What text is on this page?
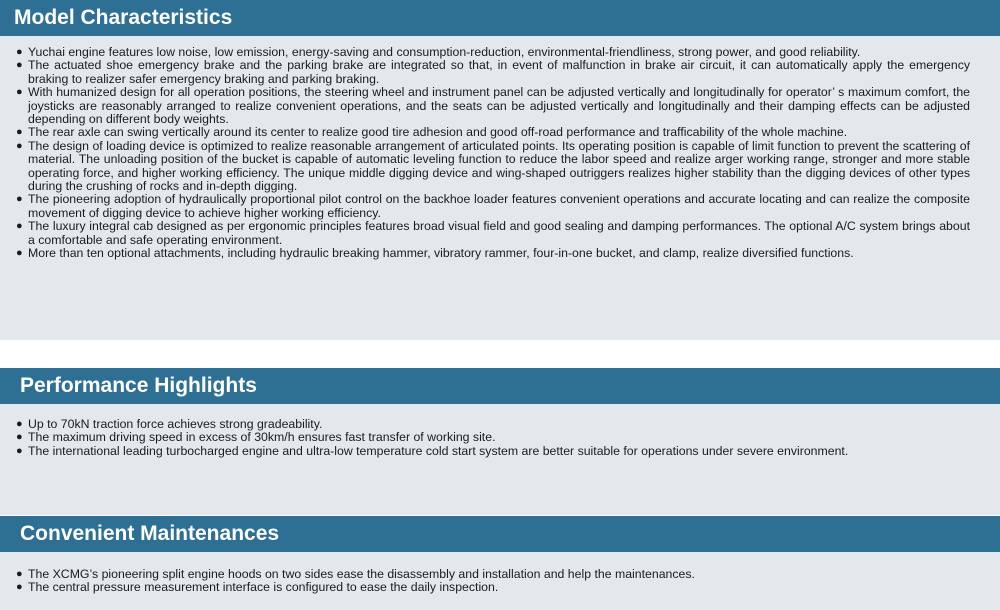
Model Characteristics
● Yuchai engine features low noise, low emission, energy-saving and consumption-reduction, environmental-friendliness, strong power, and good reliability.
● The actuated shoe emergency brake and the parking brake are integrated so that, in event of malfunction in brake air circuit, it can automatically apply the emergency braking to realizer safer emergency braking and parking braking.
● With humanized design for all operation positions, the steering wheel and instrument panel can be adjusted vertically and longitudinally for operator’ s maximum comfort, the joysticks are reasonably arranged to realize convenient operations, and the seats can be adjusted vertically and longitudinally and their damping effects can be adjusted depending on different body weights.
● The rear axle can swing vertically around its center to realize good tire adhesion and good off-road performance and trafficability of the whole machine.
● The design of loading device is optimized to realize reasonable arrangement of articulated points. Its operating position is capable of limit function to prevent the scattering of material. The unloading position of the bucket is capable of automatic leveling function to reduce the labor speed and realize arger working range, stronger and more stable operating force, and higher working efficiency. The unique middle digging device and wing-shaped outriggers realizes higher stability than the digging devices of other types during the crushing of rocks and in-depth digging.
● The pioneering adoption of hydraulically proportional pilot control on the backhoe loader features convenient operations and accurate locating and can realize the composite movement of digging device to achieve higher working efficiency.
● The luxury integral cab designed as per ergonomic principles features broad visual field and good sealing and damping performances. The optional A/C system brings about a comfortable and safe operating environment.
● More than ten optional attachments, including hydraulic breaking hammer, vibratory rammer, four-in-one bucket, and clamp, realize diversified functions.
Performance Highlights
● Up to 70kN traction force achieves strong gradeability.
● The maximum driving speed in excess of 30km/h ensures fast transfer of working site.
● The international leading turbocharged engine and ultra-low temperature cold start system are better suitable for operations under severe environment.
Convenient Maintenances
● The XCMG’s pioneering split engine hoods on two sides ease the disassembly and installation and help the maintenances.
● The central pressure measurement interface is configured to ease the daily inspection.
